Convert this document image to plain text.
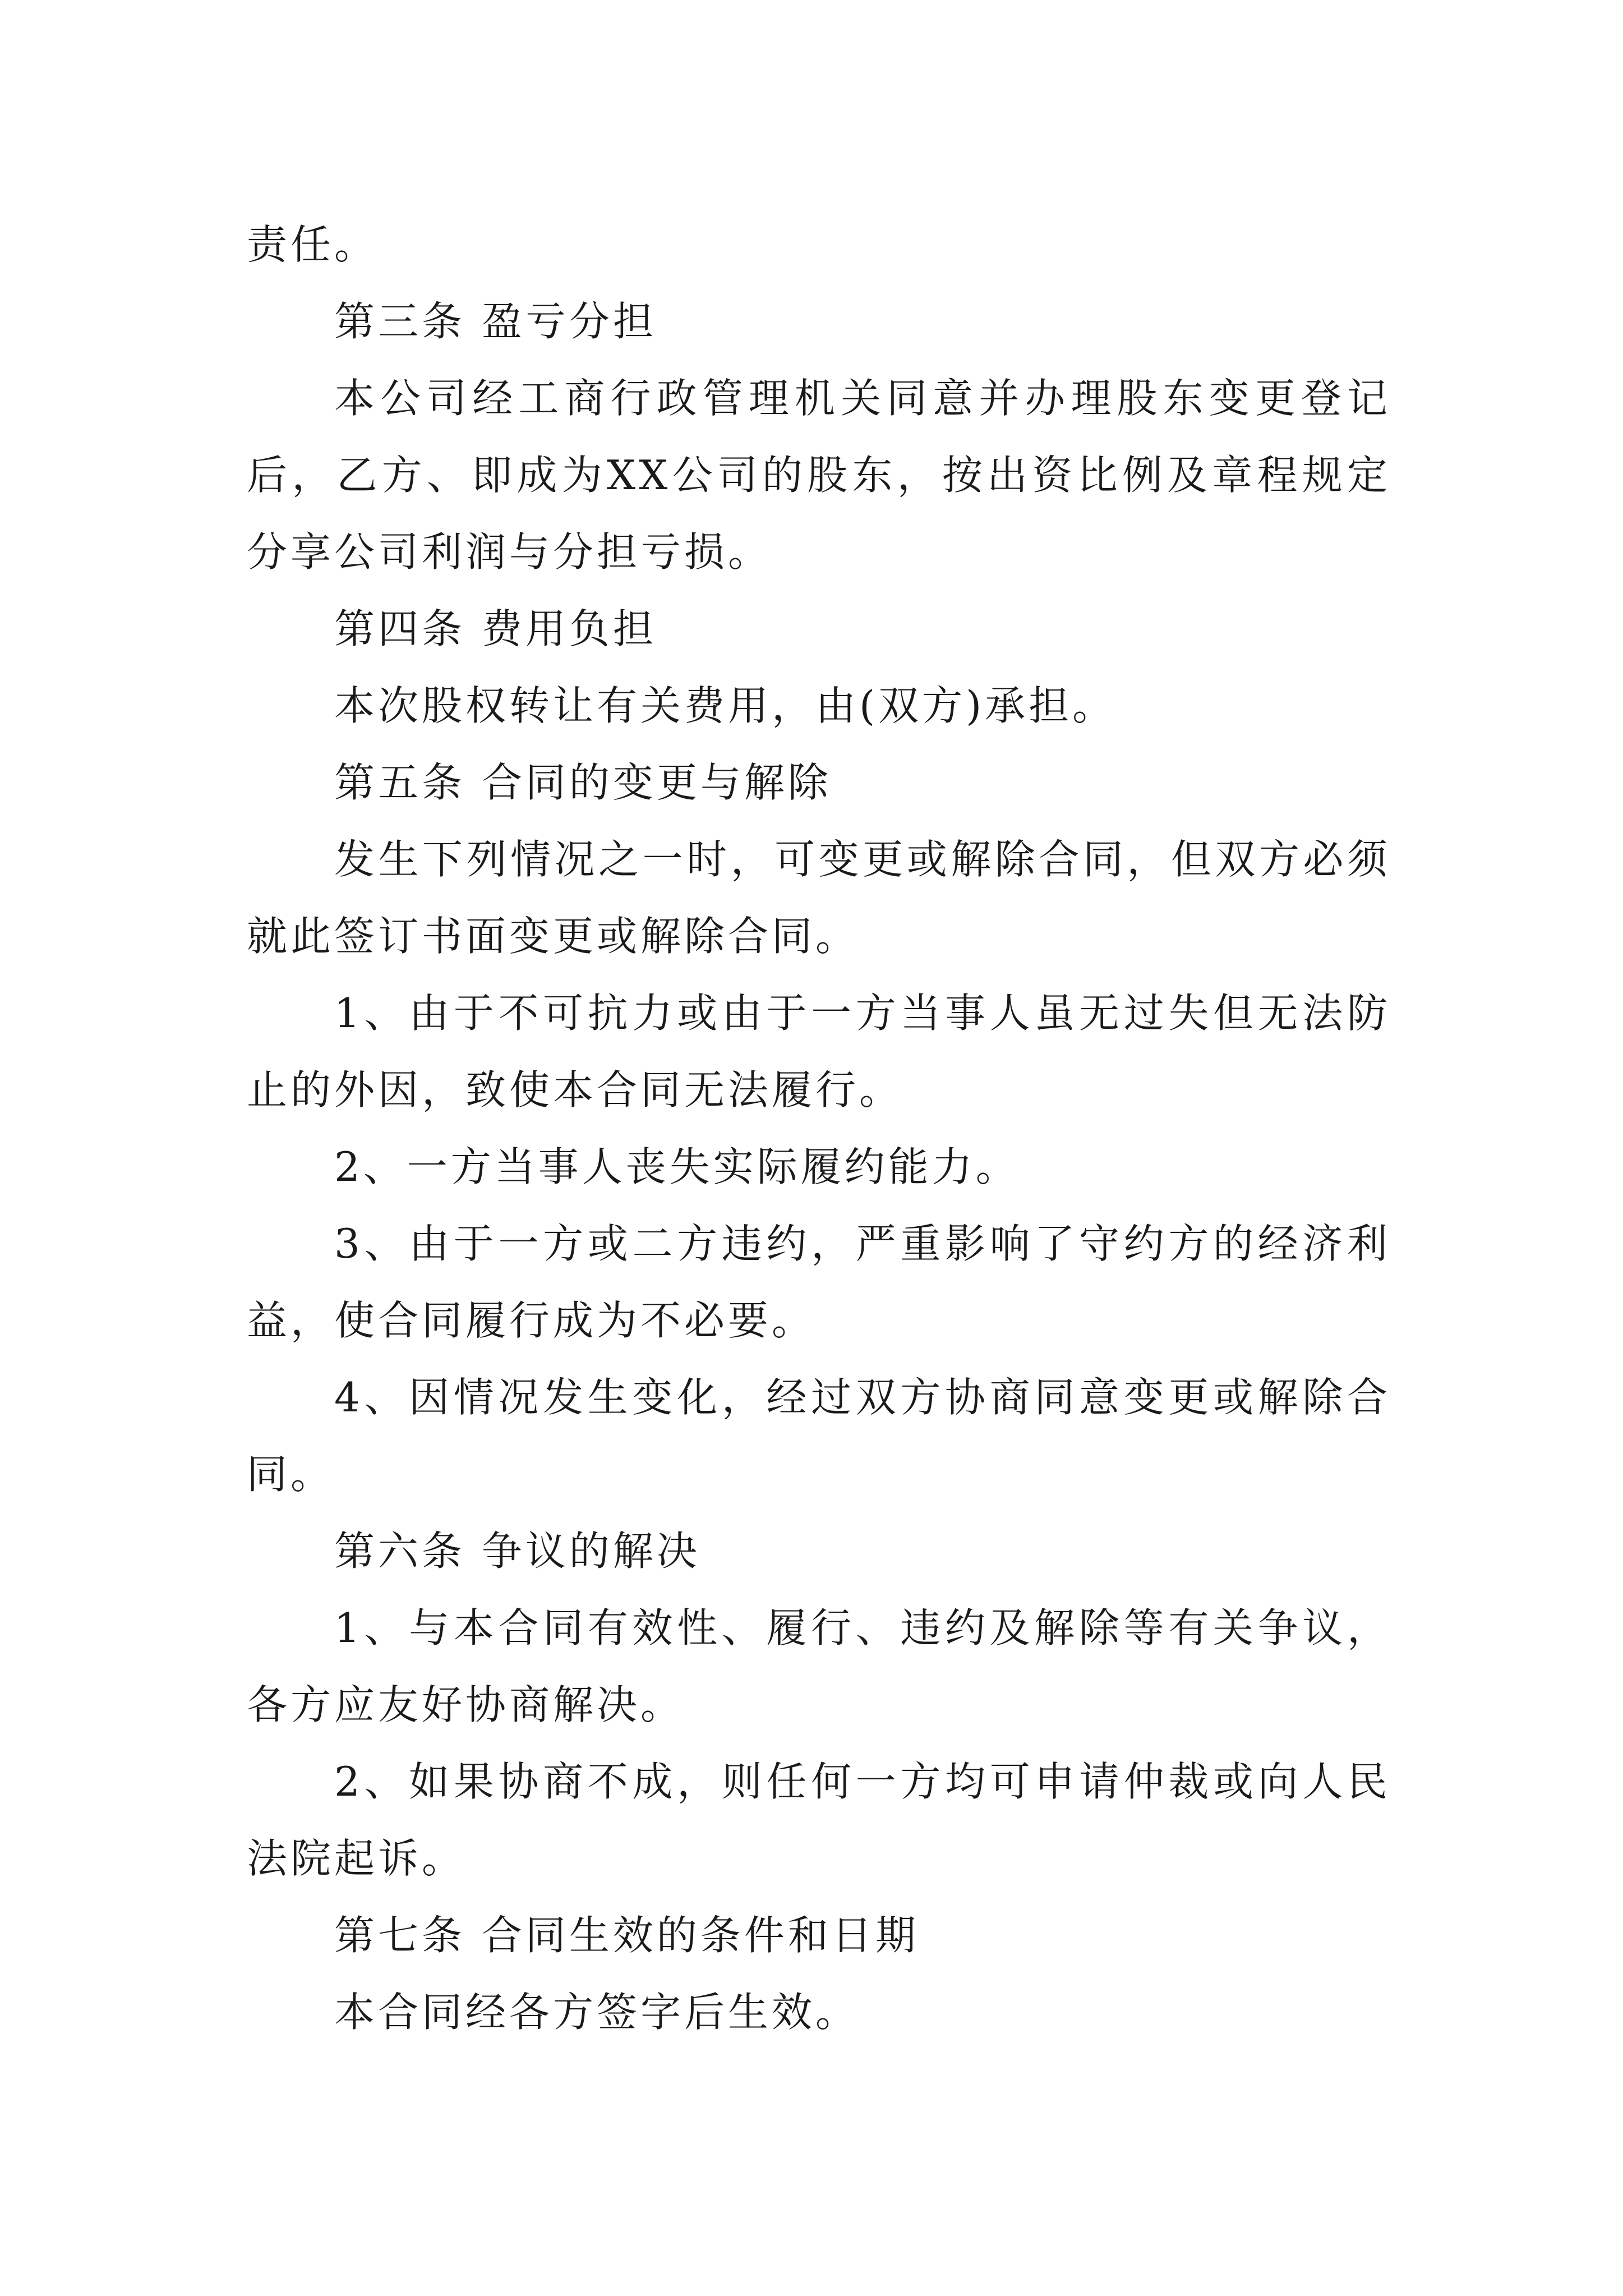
责任。

第三条 盈亏分担

本公司经工商行政管理机关同意并办理股东变更登记后，乙方、即成为XX公司的股东，按出资比例及章程规定分享公司利润与分担亏损。

第四条 费用负担

本次股权转让有关费用，由(双方)承担。

第五条 合同的变更与解除

发生下列情况之一时，可变更或解除合同，但双方必须就此签订书面变更或解除合同。

1、由于不可抗力或由于一方当事人虽无过失但无法防止的外因，致使本合同无法履行。

2、一方当事人丧失实际履约能力。

3、由于一方或二方违约，严重影响了守约方的经济利益，使合同履行成为不必要。

4、因情况发生变化，经过双方协商同意变更或解除合同。

第六条 争议的解决

1、与本合同有效性、履行、违约及解除等有关争议，各方应友好协商解决。

2、如果协商不成，则任何一方均可申请仲裁或向人民法院起诉。

第七条 合同生效的条件和日期

本合同经各方签字后生效。
